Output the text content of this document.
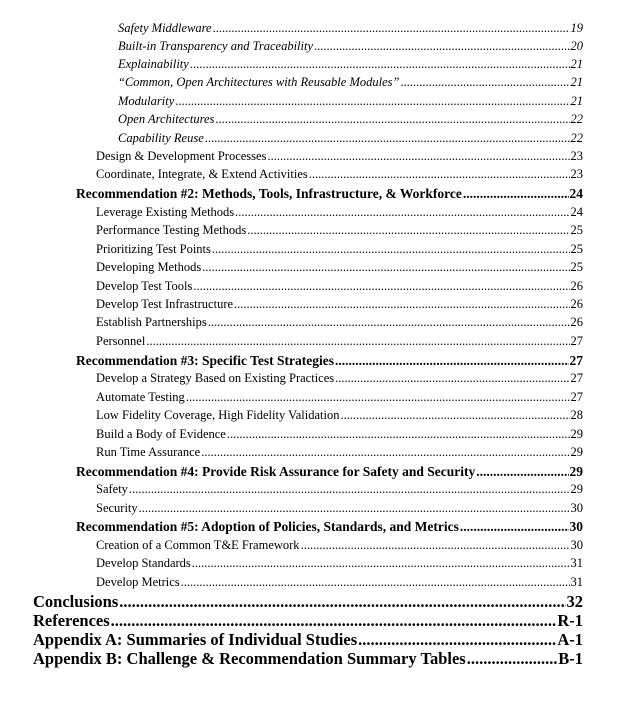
Safety Middleware .....	19
Built-in Transparency and Traceability .....	20
Explainability .....	21
“Common, Open Architectures with Reusable Modules” .....	21
Modularity .....	21
Open Architectures .....	22
Capability Reuse .....	22
Design & Development Processes .....	23
Coordinate, Integrate, & Extend Activities .....	23
Recommendation #2: Methods, Tools, Infrastructure, & Workforce .....	24
Leverage Existing Methods .....	24
Performance Testing Methods .....	25
Prioritizing Test Points .....	25
Developing Methods .....	25
Develop Test Tools .....	26
Develop Test Infrastructure .....	26
Establish Partnerships .....	26
Personnel .....	27
Recommendation #3: Specific Test Strategies .....	27
Develop a Strategy Based on Existing Practices .....	27
Automate Testing .....	27
Low Fidelity Coverage, High Fidelity Validation .....	28
Build a Body of Evidence .....	29
Run Time Assurance .....	29
Recommendation #4: Provide Risk Assurance for Safety and Security .....	29
Safety .....	29
Security .....	30
Recommendation #5: Adoption of Policies, Standards, and Metrics .....	30
Creation of a Common T&E Framework .....	30
Develop Standards .....	31
Develop Metrics .....	31
Conclusions .....	32
References .....	R-1
Appendix A: Summaries of Individual Studies .....	A-1
Appendix B: Challenge & Recommendation Summary Tables .....	B-1
